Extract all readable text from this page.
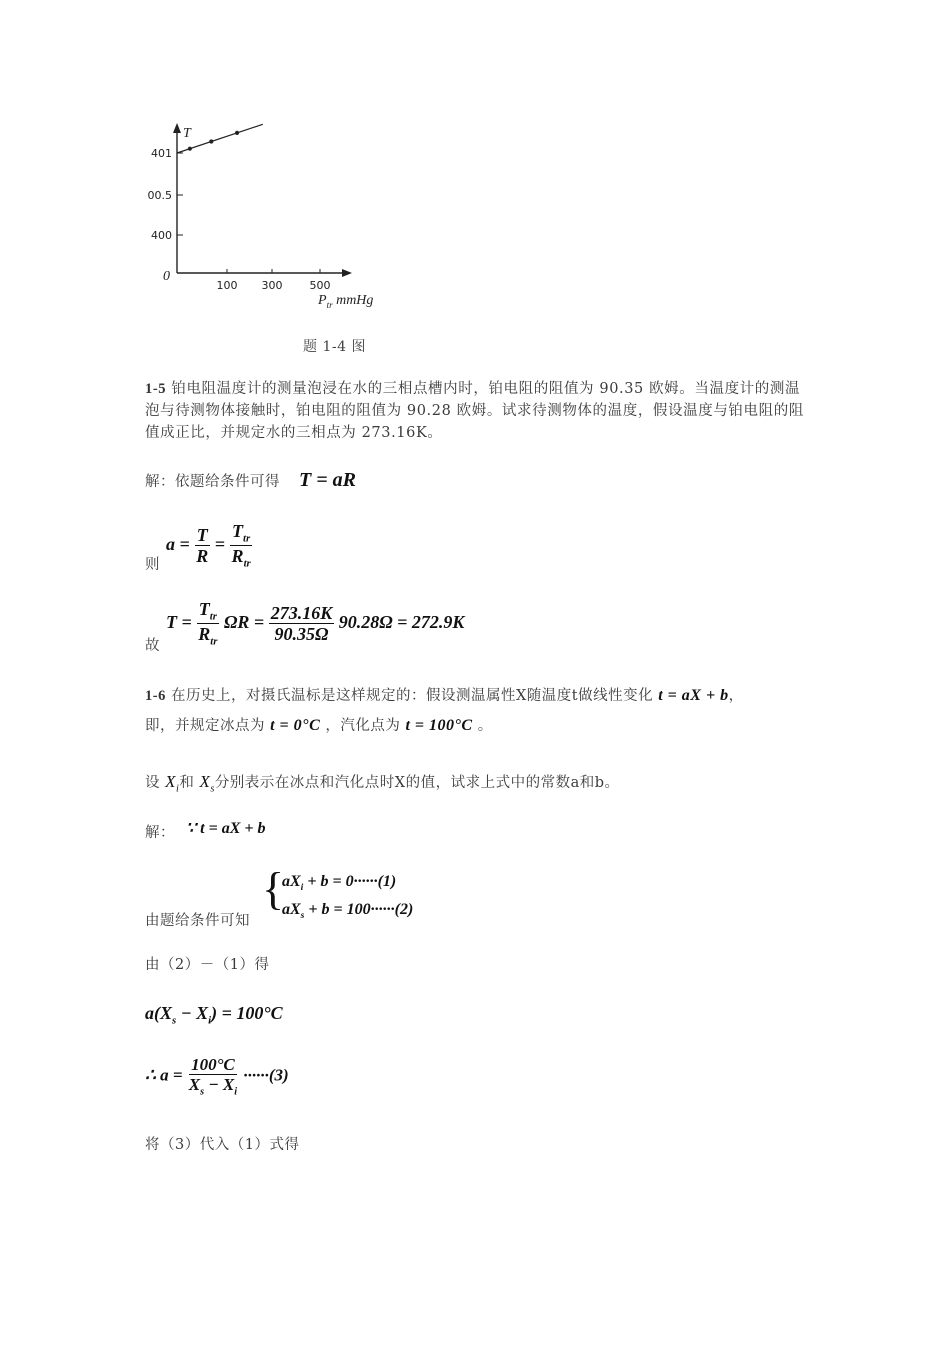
100 300 500
400
00.5
401
T
0
$P_{tr}$ mmHg
题 1-4 图
1-5 铂电阻温度计的测量泡浸在水的三相点槽内时，铂电阻的阻值为 90.35 欧姆。当温度计的测温泡与待测物体接触时，铂电阻的阻值为 90.28 欧姆。试求待测物体的温度，假设温度与铂电阻的阻值成正比，并规定水的三相点为 273.16K。
解：依题给条件可得 T = aR
则
$a = \frac{T}{R} = \frac{T_{tr}}{R_{tr}}$
故
$T = \frac{T_{tr}}{R_{tr}}$ $\Omega R = \frac{273.16K}{90.35\Omega} 90.28\Omega = 272.9K$
1-6 在历史上，对摄氏温标是这样规定的：假设测温属性X随温度t做线性变化 t = aX + b，
即，并规定冰点为 t = 0°C ，汽化点为 t = 100°C 。
设 $X_i$和 $X_s$分别表示在冰点和汽化点时X的值，试求上式中的常数a和b。
解： ∵ t = aX + b
由题给条件可知
{
$aX_i + b = 0\cdot\cdot\cdot\cdot\cdot\cdot(1)$
$aX_s + b = 100\cdot\cdot\cdot\cdot\cdot\cdot(2)$
由（2）－（1）得
$a(X_s - X_i) = 100^\circ C$
∴ $a = \frac{100^\circ C}{X_s - X_i} \cdot\cdot\cdot\cdot\cdot\cdot(3)$
将（3）代入（1）式得
